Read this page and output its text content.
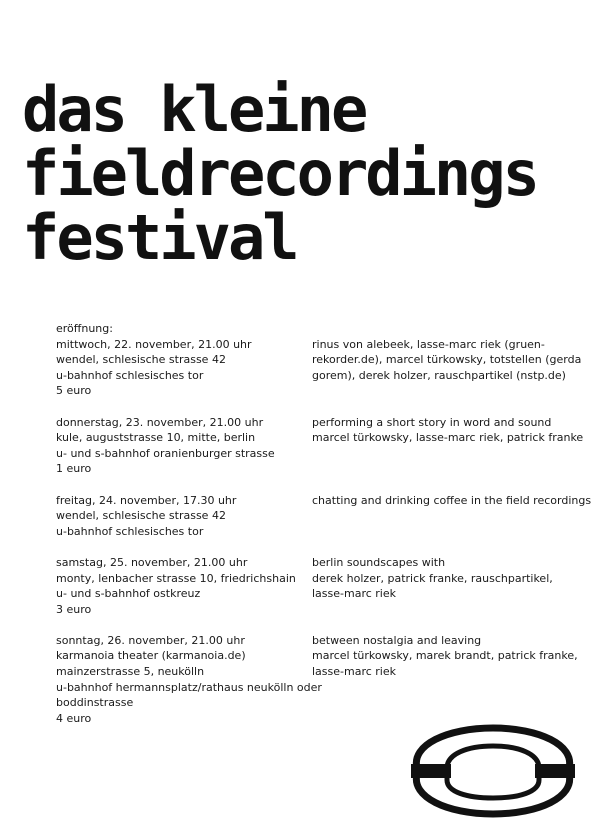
das kleine
fieldrecordings
festival

eröffnung:

mittwoch, 22. november, 21.00 uhr

wendel, schlesische strasse 42

u-bahnhof schlesisches tor

5 euro

rinus von alebeek, lasse-marc riek (gruen-

rekorder.de), marcel türkowsky, totstellen (gerda

gorem), derek holzer, rauschpartikel (nstp.de)

donnerstag, 23. november, 21.00 uhr

kule, auguststrasse 10, mitte, berlin

u- und s-bahnhof oranienburger strasse

1 euro

performing a short story in word and sound

marcel türkowsky, lasse-marc riek, patrick franke

freitag, 24. november, 17.30 uhr

wendel, schlesische strasse 42

u-bahnhof schlesisches tor

chatting and drinking coffee in the field recordings

samstag, 25. november, 21.00 uhr

monty, lenbacher strasse 10, friedrichshain

u- und s-bahnhof ostkreuz

3 euro

berlin soundscapes with

derek holzer, patrick franke, rauschpartikel,

lasse-marc riek

sonntag, 26. november, 21.00 uhr

karmanoia theater (karmanoia.de)

mainzerstrasse 5, neukölln

u-bahnhof hermannsplatz/rathaus neukölln oder

boddinstrasse

4 euro

between nostalgia and leaving

marcel türkowsky, marek brandt, patrick franke,

lasse-marc riek
